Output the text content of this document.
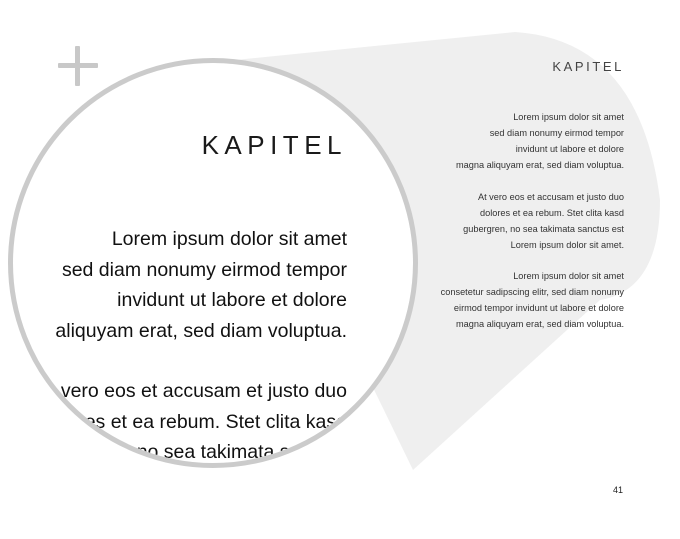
KAPITEL

Lorem ipsum dolor sit amet
sed diam nonumy eirmod tempor
invidunt ut labore et dolore
magna aliquyam erat, sed diam voluptua.

At vero eos et accusam et justo duo
dolores et ea rebum. Stet clita kasd
gubergren, no sea takimata sanctus est
Lorem ipsum dolor sit amet.

Lorem ipsum dolor sit amet
consetetur sadipscing elitr, sed diam nonumy
eirmod tempor invidunt ut labore et dolore
magna aliquyam erat, sed diam voluptua.

41
KAPITEL

Lorem ipsum dolor sit amet
sed diam nonumy eirmod tempor
invidunt ut labore et dolore
aliquyam erat, sed diam voluptua.

vero eos et accusam et justo duo
dolores et ea rebum. Stet clita kasd
no sea takimata sanctus
